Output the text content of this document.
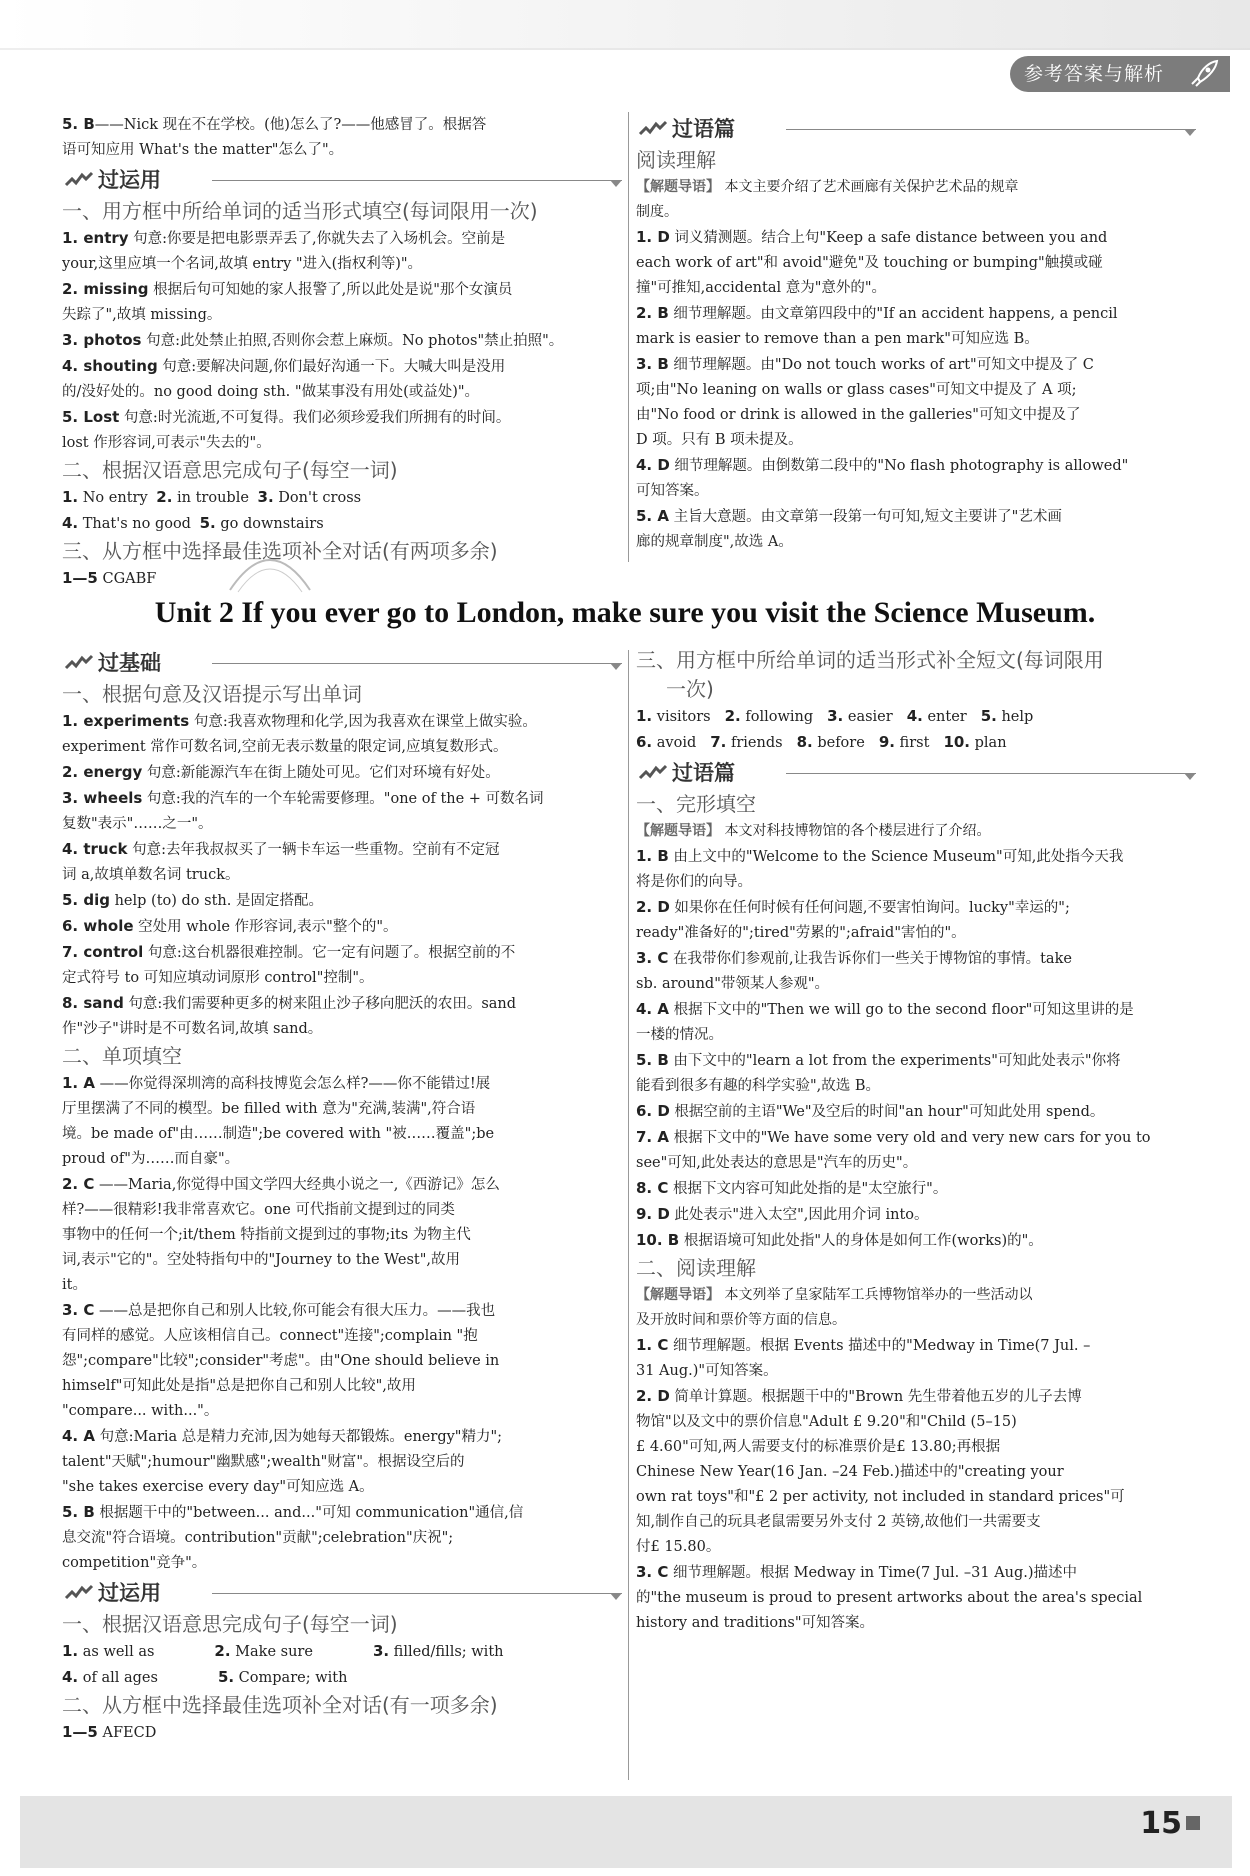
参考答案与解析

5. B——Nick 现在不在学校。(他)怎么了?——他感冒了。根据答

语可知应用 What's the matter"怎么了"。

过运用

一、用方框中所给单词的适当形式填空(每词限用一次)

1. entry 句意:你要是把电影票弄丢了,你就失去了入场机会。空前是

your,这里应填一个名词,故填 entry "进入(指权利等)"。

2. missing 根据后句可知她的家人报警了,所以此处是说"那个女演员

失踪了",故填 missing。

3. photos 句意:此处禁止拍照,否则你会惹上麻烦。No photos"禁止拍照"。

4. shouting 句意:要解决问题,你们最好沟通一下。大喊大叫是没用

的/没好处的。no good doing sth. "做某事没有用处(或益处)"。

5. Lost 句意:时光流逝,不可复得。我们必须珍爱我们所拥有的时间。

lost 作形容词,可表示"失去的"。

二、根据汉语意思完成句子(每空一词)

1. No entry 2. in trouble 3. Don't cross
4. That's no good 5. go downstairs

三、从方框中选择最佳选项补全对话(有两项多余)

1—5 CGABF
过语篇

阅读理解

【解题导语】 本文主要介绍了艺术画廊有关保护艺术品的规章

制度。

1. D 词义猜测题。结合上句"Keep a safe distance between you and

each work of art"和 avoid"避免"及 touching or bumping"触摸或碰

撞"可推知,accidental 意为"意外的"。

2. B 细节理解题。由文章第四段中的"If an accident happens, a pencil

mark is easier to remove than a pen mark"可知应选 B。

3. B 细节理解题。由"Do not touch works of art"可知文中提及了 C

项;由"No leaning on walls or glass cases"可知文中提及了 A 项;

由"No food or drink is allowed in the galleries"可知文中提及了

D 项。只有 B 项未提及。

4. D 细节理解题。由倒数第二段中的"No flash photography is allowed"

可知答案。

5. A 主旨大意题。由文章第一段第一句可知,短文主要讲了"艺术画

廊的规章制度",故选 A。

Unit 2 If you ever go to London, make sure you visit the Science Museum.
过基础

一、根据句意及汉语提示写出单词

1. experiments 句意:我喜欢物理和化学,因为我喜欢在课堂上做实验。

experiment 常作可数名词,空前无表示数量的限定词,应填复数形式。

2. energy 句意:新能源汽车在街上随处可见。它们对环境有好处。

3. wheels 句意:我的汽车的一个车轮需要修理。"one of the + 可数名词

复数"表示"……之一"。

4. truck 句意:去年我叔叔买了一辆卡车运一些重物。空前有不定冠

词 a,故填单数名词 truck。

5. dig help (to) do sth. 是固定搭配。

6. whole 空处用 whole 作形容词,表示"整个的"。

7. control 句意:这台机器很难控制。它一定有问题了。根据空前的不

定式符号 to 可知应填动词原形 control"控制"。

8. sand 句意:我们需要种更多的树来阻止沙子移向肥沃的农田。sand

作"沙子"讲时是不可数名词,故填 sand。

二、单项填空

1. A ——你觉得深圳湾的高科技博览会怎么样?——你不能错过!展

厅里摆满了不同的模型。be filled with 意为"充满,装满",符合语

境。be made of"由……制造";be covered with "被……覆盖";be

proud of"为……而自豪"。

2. C ——Maria,你觉得中国文学四大经典小说之一,《西游记》怎么

样?——很精彩!我非常喜欢它。one 可代指前文提到过的同类

事物中的任何一个;it/them 特指前文提到过的事物;its 为物主代

词,表示"它的"。空处特指句中的"Journey to the West",故用

it。

3. C ——总是把你自己和别人比较,你可能会有很大压力。——我也

有同样的感觉。人应该相信自己。connect"连接";complain "抱

怨";compare"比较";consider"考虑"。由"One should believe in

himself"可知此处是指"总是把你自己和别人比较",故用

"compare... with..."。

4. A 句意:Maria 总是精力充沛,因为她每天都锻炼。energy"精力";

talent"天赋";humour"幽默感";wealth"财富"。根据设空后的

"she takes exercise every day"可知应选 A。

5. B 根据题干中的"between... and..."可知 communication"通信,信

息交流"符合语境。contribution"贡献";celebration"庆祝";

competition"竞争"。

过运用

一、根据汉语意思完成句子(每空一词)

1. as well as	2. Make sure	3. filled/fills; with
4. of all ages	5. Compare; with

二、从方框中选择最佳选项补全对话(有一项多余)

1—5 AFECD

三、用方框中所给单词的适当形式补全短文(每词限用

一次)

1. visitors 2. following 3. easier 4. enter 5. help
6. avoid 7. friends 8. before 9. first 10. plan
过语篇

一、完形填空

【解题导语】 本文对科技博物馆的各个楼层进行了介绍。

1. B 由上文中的"Welcome to the Science Museum"可知,此处指今天我

将是你们的向导。

2. D 如果你在任何时候有任何问题,不要害怕询问。lucky"幸运的";

ready"准备好的";tired"劳累的";afraid"害怕的"。

3. C 在我带你们参观前,让我告诉你们一些关于博物馆的事情。take

sb. around"带领某人参观"。

4. A 根据下文中的"Then we will go to the second floor"可知这里讲的是

一楼的情况。

5. B 由下文中的"learn a lot from the experiments"可知此处表示"你将

能看到很多有趣的科学实验",故选 B。

6. D 根据空前的主语"We"及空后的时间"an hour"可知此处用 spend。

7. A 根据下文中的"We have some very old and very new cars for you to

see"可知,此处表达的意思是"汽车的历史"。

8. C 根据下文内容可知此处指的是"太空旅行"。

9. D 此处表示"进入太空",因此用介词 into。

10. B 根据语境可知此处指"人的身体是如何工作(works)的"。

二、阅读理解

【解题导语】 本文列举了皇家陆军工兵博物馆举办的一些活动以

及开放时间和票价等方面的信息。

1. C 细节理解题。根据 Events 描述中的"Medway in Time(7 Jul. –

31 Aug.)"可知答案。

2. D 简单计算题。根据题干中的"Brown 先生带着他五岁的儿子去博

物馆"以及文中的票价信息"Adult £ 9.20"和"Child (5–15)

£ 4.60"可知,两人需要支付的标准票价是£ 13.80;再根据

Chinese New Year(16 Jan. –24 Feb.)描述中的"creating your

own rat toys"和"£ 2 per activity, not included in standard prices"可

知,制作自己的玩具老鼠需要另外支付 2 英镑,故他们一共需要支

付£ 15.80。

3. C 细节理解题。根据 Medway in Time(7 Jul. –31 Aug.)描述中

的"the museum is proud to present artworks about the area's special

history and traditions"可知答案。

15
